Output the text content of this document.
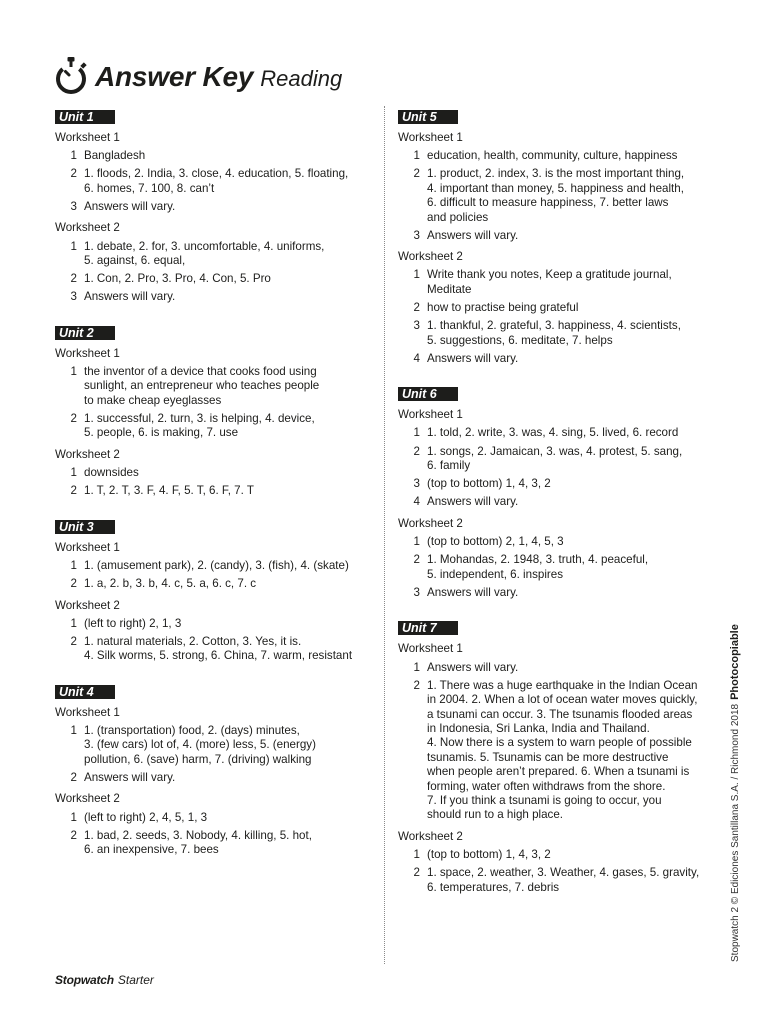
Answer Key Reading
Unit 1
Worksheet 1
1 Bangladesh
2 1. floods, 2. India, 3. close, 4. education, 5. floating,
6. homes, 7. 100, 8. can’t
3 Answers will vary.
Worksheet 2
1 1. debate, 2. for, 3. uncomfortable, 4. uniforms,
5. against, 6. equal,
2 1. Con, 2. Pro, 3. Pro, 4. Con, 5. Pro
3 Answers will vary.
Unit 2
Worksheet 1
1 the inventor of a device that cooks food using
sunlight, an entrepreneur who teaches people
to make cheap eyeglasses
2 1. successful, 2. turn, 3. is helping, 4. device,
5. people, 6. is making, 7. use
Worksheet 2
1 downsides
2 1. T, 2. T, 3. F, 4. F, 5. T, 6. F, 7. T
Unit 3
Worksheet 1
1 1. (amusement park), 2. (candy), 3. (fish), 4. (skate)
2 1. a, 2. b, 3. b, 4. c, 5. a, 6. c, 7. c
Worksheet 2
1 (left to right) 2, 1, 3
2 1. natural materials, 2. Cotton, 3. Yes, it is.
4. Silk worms, 5. strong, 6. China, 7. warm, resistant
Unit 4
Worksheet 1
1 1. (transportation) food, 2. (days) minutes,
3. (few cars) lot of, 4. (more) less, 5. (energy)
pollution, 6. (save) harm, 7. (driving) walking
2 Answers will vary.
Worksheet 2
1 (left to right) 2, 4, 5, 1, 3
2 1. bad, 2. seeds, 3. Nobody, 4. killing, 5. hot,
6. an inexpensive, 7. bees
Unit 5
Worksheet 1
1 education, health, community, culture, happiness
2 1. product, 2. index, 3. is the most important thing,
4. important than money, 5. happiness and health,
6. difficult to measure happiness, 7. better laws
and policies
3 Answers will vary.
Worksheet 2
1 Write thank you notes, Keep a gratitude journal,
Meditate
2 how to practise being grateful
3 1. thankful, 2. grateful, 3. happiness, 4. scientists,
5. suggestions, 6. meditate, 7. helps
4 Answers will vary.
Unit 6
Worksheet 1
1 1. told, 2. write, 3. was, 4. sing, 5. lived, 6. record
2 1. songs, 2. Jamaican, 3. was, 4. protest, 5. sang,
6. family
3 (top to bottom) 1, 4, 3, 2
4 Answers will vary.
Worksheet 2
1 (top to bottom) 2, 1, 4, 5, 3
2 1. Mohandas, 2. 1948, 3. truth, 4. peaceful,
5. independent, 6. inspires
3 Answers will vary.
Unit 7
Worksheet 1
1 Answers will vary.
2 1. There was a huge earthquake in the Indian Ocean
in 2004. 2. When a lot of ocean water moves quickly,
a tsunami can occur. 3. The tsunamis flooded areas
in Indonesia, Sri Lanka, India and Thailand.
4. Now there is a system to warn people of possible
tsunamis. 5. Tsunamis can be more destructive
when people aren’t prepared. 6. When a tsunami is
forming, water often withdraws from the shore.
7. If you think a tsunami is going to occur, you
should run to a high place.
Worksheet 2
1 (top to bottom) 1, 4, 3, 2
2 1. space, 2. weather, 3. Weather, 4. gases, 5. gravity,
6. temperatures, 7. debris	Stopwatch 2 © Ediciones Santillana S.A. / Richmond 2018Photocopiable
Stopwatch Starter
